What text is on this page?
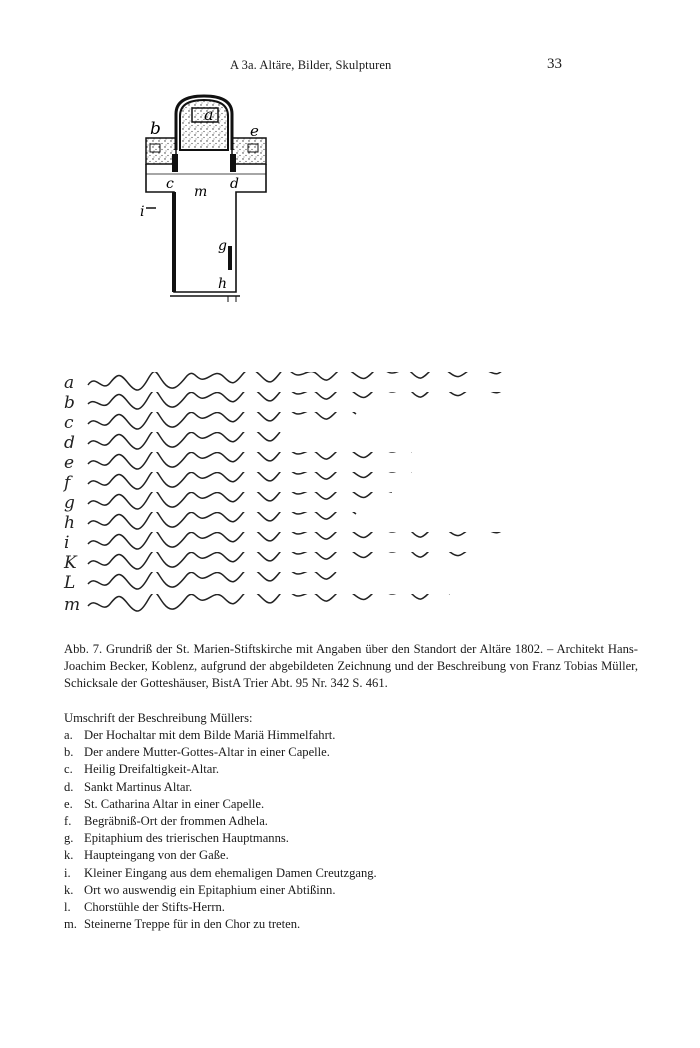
A 3a. Altäre, Bilder, Skulpturen	33
b
a
e
c m d
i
g
h
a
b
c
d
e
f
g
h
i
K
L
m

Abb. 7. Grundriß der St. Marien-Stiftskirche mit Angaben über den Standort der Altäre 1802. – Architekt Hans-Joachim Becker, Koblenz, aufgrund der abgebildeten Zeichnung und der Beschreibung von Franz Tobias Müller, Schicksale der Gotteshäuser, BistA Trier Abt. 95 Nr. 342 S. 461.

Umschrift der Beschreibung Müllers:
a. Der Hochaltar mit dem Bilde Mariä Himmelfahrt.
b. Der andere Mutter-Gottes-Altar in einer Capelle.
c. Heilig Dreifaltigkeit-Altar.
d. Sankt Martinus Altar.
e. St. Catharina Altar in einer Capelle.
f. Begräbniß-Ort der frommen Adhela.
g. Epitaphium des trierischen Hauptmanns.
k. Haupteingang von der Gaße.
i. Kleiner Eingang aus dem ehemaligen Damen Creutzgang.
k. Ort wo auswendig ein Epitaphium einer Abtißinn.
l. Chorstühle der Stifts-Herrn.
m. Steinerne Treppe für in den Chor zu treten.
